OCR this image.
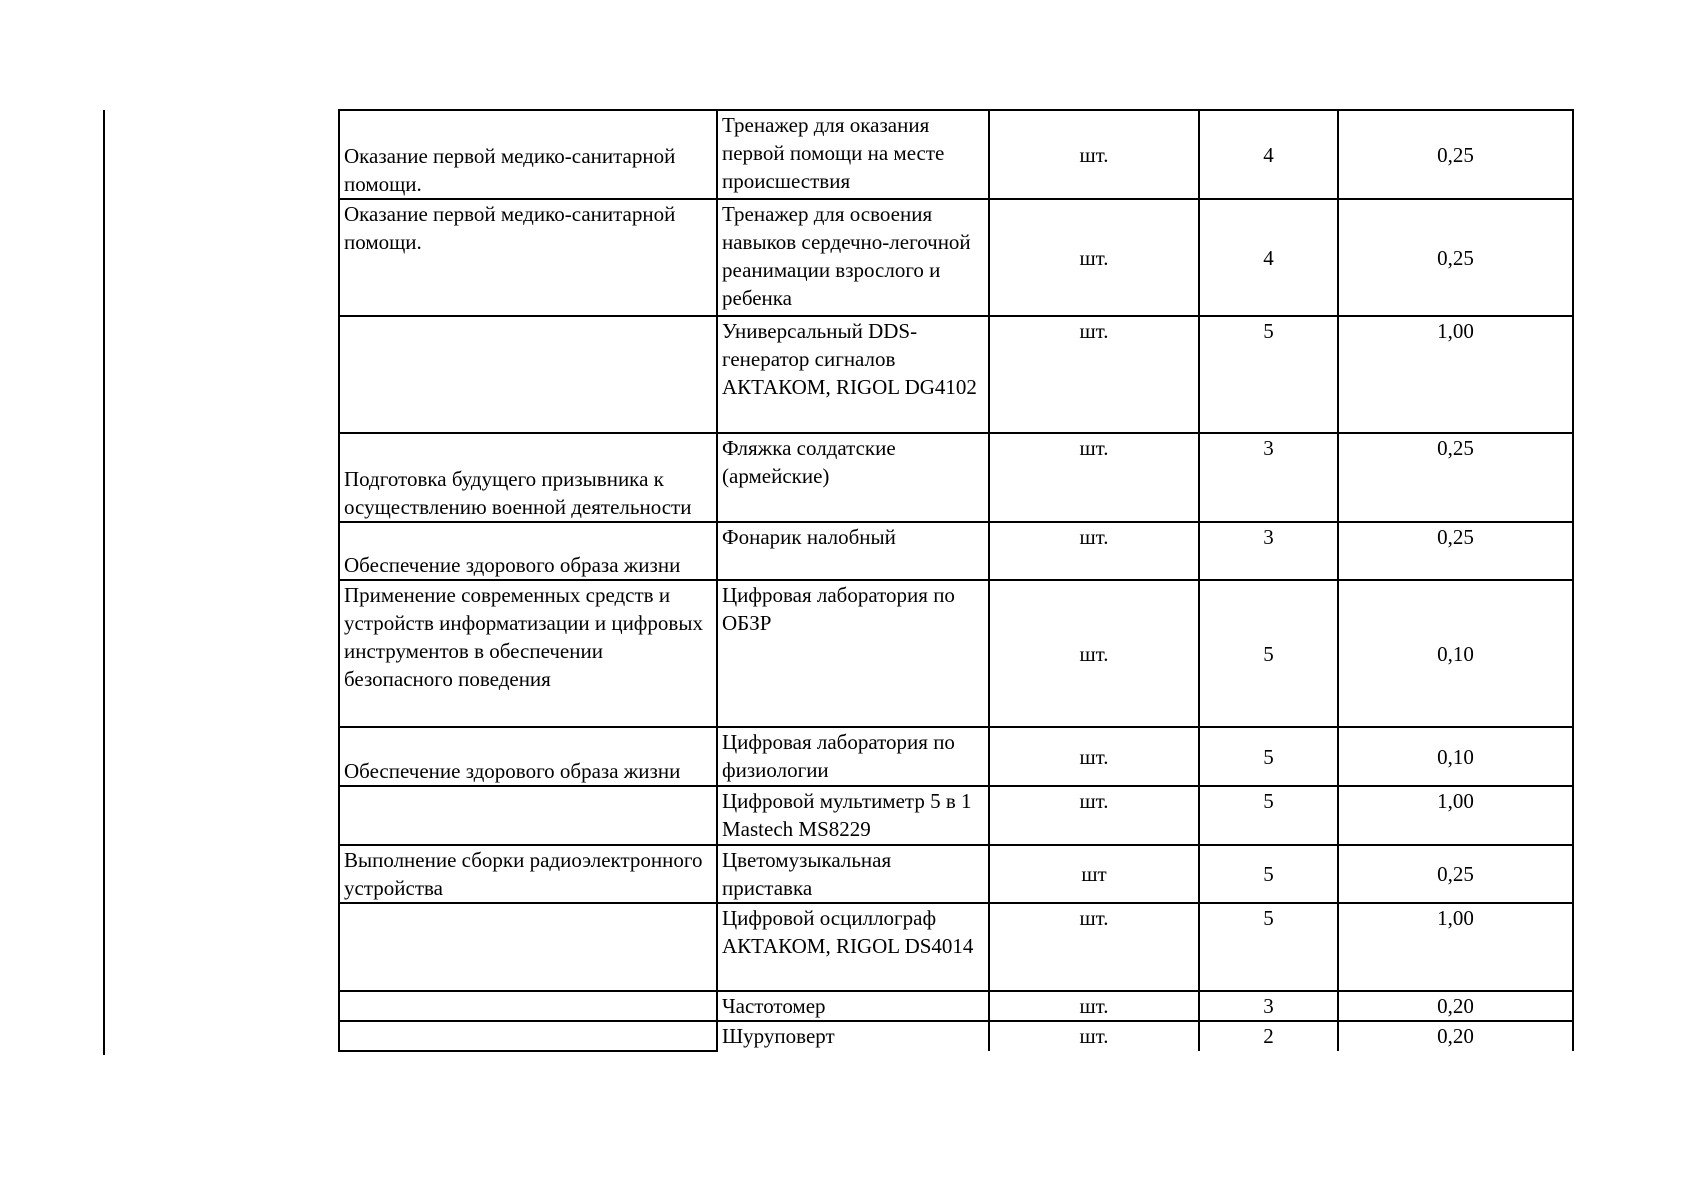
Оказание первой медико-санитарной помощи.	Тренажер для оказания первой помощи на месте происшествия	шт.	4	0,25
Оказание первой медико-санитарной помощи.	Тренажер для освоения навыков сердечно-легочной реанимации взрослого и ребенка	шт.	4	0,25
	Универсальный DDS-генератор сигналов АКТАКОМ, RIGOL DG4102	шт.	5	1,00
Подготовка будущего призывника к осуществлению военной деятельности	Фляжка солдатские (армейские)	шт.	3	0,25
Обеспечение здорового образа жизни	Фонарик налобный	шт.	3	0,25
Применение современных средств и устройств информатизации и цифровых инструментов в обеспечении безопасного поведения	Цифровая лаборатория по ОБЗР	шт.	5	0,10
Обеспечение здорового образа жизни	Цифровая лаборатория по физиологии	шт.	5	0,10
	Цифровой мультиметр 5 в 1 Mastech MS8229	шт.	5	1,00
Выполнение сборки радиоэлектронного устройства	Цветомузыкальная приставка	шт	5	0,25
	Цифровой осциллограф АКТАКОМ, RIGOL DS4014	шт.	5	1,00
	Частотомер	шт.	3	0,20
	Шуруповерт	шт.	2	0,20
